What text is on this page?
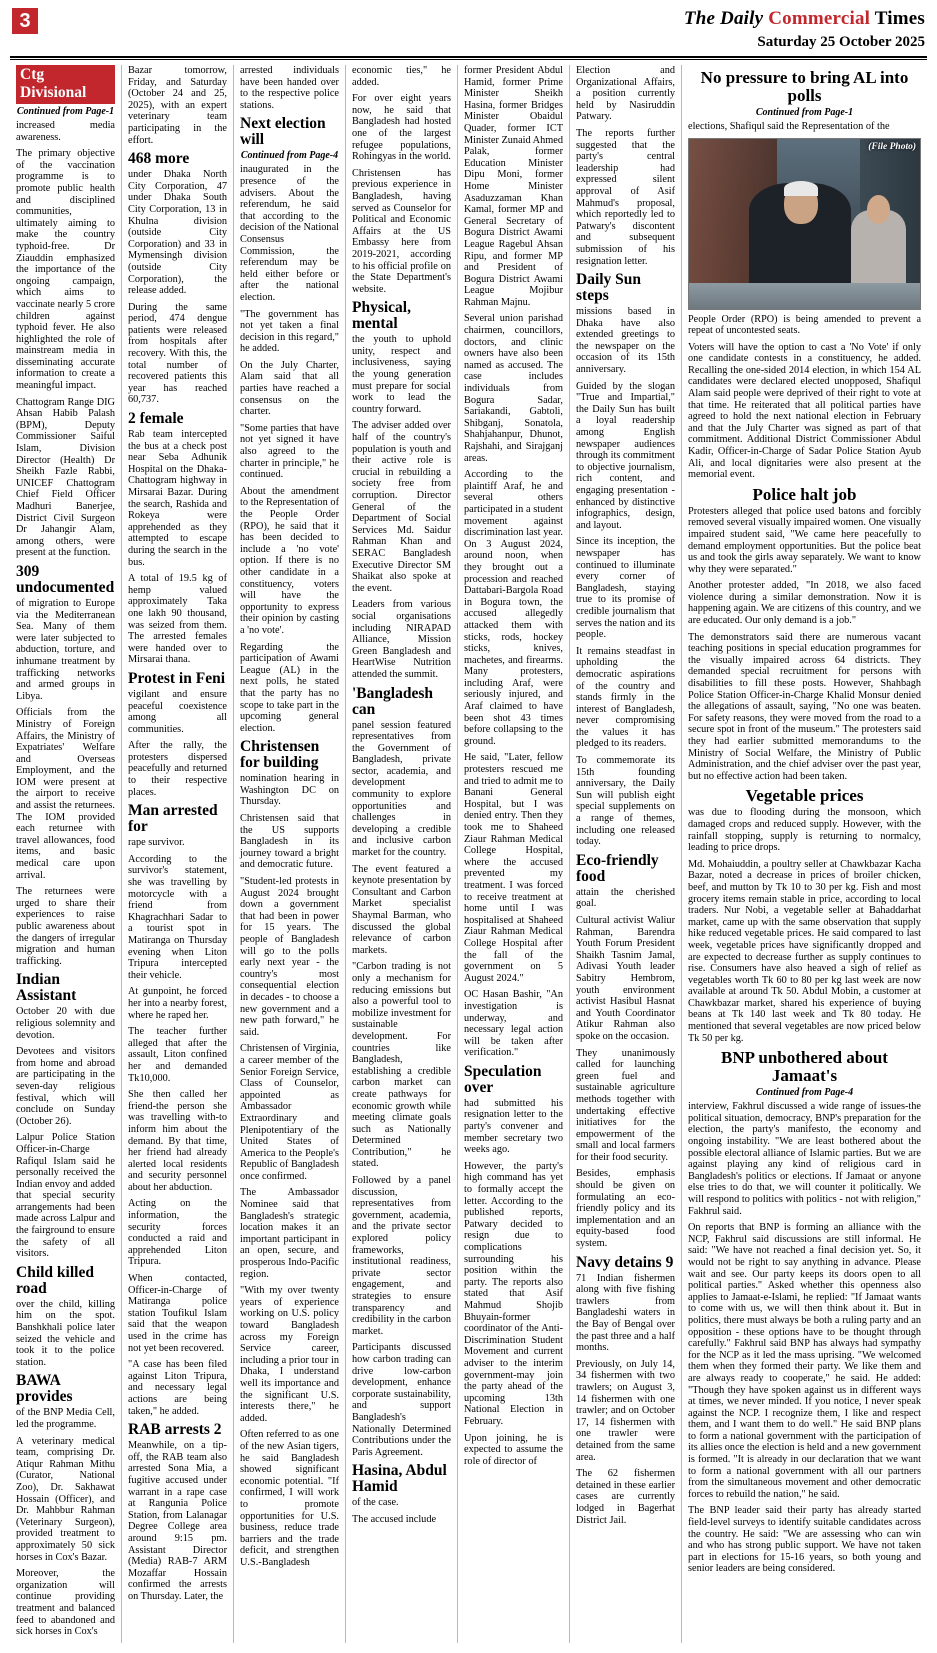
3	The Daily Commercial Times
Saturday 25 October 2025
Ctg Divisional
Continued from Page-1

increased media awareness.

The primary objective of the vaccination programme is to promote public health and disciplined communities, ultimately aiming to make the country typhoid-free. Dr Ziauddin emphasized the importance of the ongoing campaign, which aims to vaccinate nearly 5 crore children against typhoid fever. He also highlighted the role of mainstream media in disseminating accurate information to create a meaningful impact.

Chattogram Range DIG Ahsan Habib Palash (BPM), Deputy Commissioner Saiful Islam, Division Director (Health) Dr Sheikh Fazle Rabbi, UNICEF Chattogram Chief Field Officer Madhuri Banerjee, District Civil Surgeon Dr Jahangir Alam, among others, were present at the function.

309 undocumented

of migration to Europe via the Mediterranean Sea. Many of them were later subjected to abduction, torture, and inhumane treatment by trafficking networks and armed groups in Libya.

Officials from the Ministry of Foreign Affairs, the Ministry of Expatriates' Welfare and Overseas Employment, and the IOM were present at the airport to receive and assist the returnees. The IOM provided each returnee with travel allowances, food items, and basic medical care upon arrival.

The returnees were urged to share their experiences to raise public awareness about the dangers of irregular migration and human trafficking.

Indian Assistant

October 20 with due religious solemnity and devotion.

Devotees and visitors from home and abroad are participating in the seven-day religious festival, which will conclude on Sunday (October 26).

Lalpur Police Station Officer-in-Charge Rafiqul Islam said he personally received the Indian envoy and added that special security arrangements had been made across Lalpur and the fairground to ensure the safety of all visitors.

Child killed road

over the child, killing him on the spot. Banshkhali police later seized the vehicle and took it to the police station.

BAWA provides

of the BNP Media Cell, led the programme.

A veterinary medical team, comprising Dr. Atiqur Rahman Mithu (Curator, National Zoo), Dr. Sakhawat Hossain (Officer), and Dr. Mahbbur Rahman (Veterinary Surgeon), provided treatment to approximately 50 sick horses in Cox's Bazar.

Moreover, the organization will continue providing treatment and balanced feed to abandoned and sick horses in Cox's

Bazar tomorrow, Friday, and Saturday (October 24 and 25, 2025), with an expert veterinary team participating in the effort.

468 more

under Dhaka North City Corporation, 47 under Dhaka South City Corporation, 13 in Khulna division (outside City Corporation) and 33 in Mymensingh division (outside City Corporation), the release added.

During the same period, 474 dengue patients were released from hospitals after recovery. With this, the total number of recovered patients this year has reached 60,737.

2 female

Rab team intercepted the bus at a check post near Seba Adhunik Hospital on the Dhaka-Chattogram highway in Mirsarai Bazar. During the search, Rashida and Rokeya were apprehended as they attempted to escape during the search in the bus.

A total of 19.5 kg of hemp valued approximately Taka one lakh 90 thousand, was seized from them. The arrested females were handed over to Mirsarai thana.

Protest in Feni

vigilant and ensure peaceful coexistence among all communities.

After the rally, the protesters dispersed peacefully and returned to their respective places.

Man arrested for

rape survivor.

According to the survivor's statement, she was travelling by motorcycle with a friend from Khagrachhari Sadar to a tourist spot in Matiranga on Thursday evening when Liton Tripura intercepted their vehicle.

At gunpoint, he forced her into a nearby forest, where he raped her.

The teacher further alleged that after the assault, Liton confined her and demanded Tk10,000.

She then called her friend-the person she was travelling with-to inform him about the demand. By that time, her friend had already alerted local residents and security personnel about her abduction.

Acting on the information, the security forces conducted a raid and apprehended Liton Tripura.

When contacted, Officer-in-Charge of Matiranga police station Toufikul Islam said that the weapon used in the crime has not yet been recovered.

"A case has been filed against Liton Tripura, and necessary legal actions are being taken," he added.

RAB arrests 2

Meanwhile, on a tip-off, the RAB team also arrested Sona Mia, a fugitive accused under warrant in a rape case at Rangunia Police Station, from Lalanagar Degree College area around 9:15 pm. Assistant Director (Media) RAB-7 ARM Mozaffar Hossain confirmed the arrests on Thursday. Later, the

arrested individuals have been handed over to the respective police stations.

Next election will
Continued from Page-4

inaugurated in the presence of the advisers. About the referendum, he said that according to the decision of the National Consensus Commission, the referendum may be held either before or after the national election.

"The government has not yet taken a final decision in this regard," he added.

On the July Charter, Alam said that all parties have reached a consensus on the charter.

"Some parties that have not yet signed it have also agreed to the charter in principle," he continued.

About the amendment to the Representation of the People Order (RPO), he said that it has been decided to include a 'no vote' option. If there is no other candidate in a constituency, voters will have the opportunity to express their opinion by casting a 'no vote'.

Regarding the participation of Awami League (AL) in the next polls, he stated that the party has no scope to take part in the upcoming general election.

Christensen for building

nomination hearing in Washington DC on Thursday.

Christensen said that the US supports Bangladesh in its journey toward a bright and democratic future.

"Student-led protests in August 2024 brought down a government that had been in power for 15 years. The people of Bangladesh will go to the polls early next year - the country's most consequential election in decades - to choose a new government and a new path forward," he said.

Christensen of Virginia, a career member of the Senior Foreign Service, Class of Counselor, appointed as Ambassador Extraordinary and Plenipotentiary of the United States of America to the People's Republic of Bangladesh once confirmed.

The Ambassador Nominee said that Bangladesh's strategic location makes it an important participant in an open, secure, and prosperous Indo-Pacific region.

"With my over twenty years of experience working on U.S. policy toward Bangladesh across my Foreign Service career, including a prior tour in Dhaka, I understand well its importance and the significant U.S. interests there," he added.

Often referred to as one of the new Asian tigers, he said Bangladesh showed significant economic potential. "If confirmed, I will work to promote opportunities for U.S. business, reduce trade barriers and the trade deficit, and strengthen U.S.-Bangladesh

economic ties," he added.

For over eight years now, he said that Bangladesh had hosted one of the largest refugee populations, Rohingyas in the world.

Christensen has previous experience in Bangladesh, having served as Counselor for Political and Economic Affairs at the US Embassy here from 2019-2021, according to his official profile on the State Department's website.

Physical, mental

the youth to uphold unity, respect and inclusiveness, saying the young generation must prepare for social work to lead the country forward.

The adviser added over half of the country's population is youth and their active role is crucial in rebuilding a society free from corruption. Director General of the Department of Social Services Md. Saidur Rahman Khan and SERAC Bangladesh Executive Director SM Shaikat also spoke at the event.

Leaders from various social organisations including NIRAPAD Alliance, Mission Green Bangladesh and HeartWise Nutrition attended the summit.

'Bangladesh can

panel session featured representatives from the Government of Bangladesh, private sector, academia, and development community to explore opportunities and challenges in developing a credible and inclusive carbon market for the country.

The event featured a keynote presentation by Consultant and Carbon Market specialist Shaymal Barman, who discussed the global relevance of carbon markets.

"Carbon trading is not only a mechanism for reducing emissions but also a powerful tool to mobilize investment for sustainable development. For countries like Bangladesh, establishing a credible carbon market can create pathways for economic growth while meeting climate goals such as Nationally Determined Contribution," he stated.

Followed by a panel discussion, representatives from government, academia, and the private sector explored policy frameworks, institutional readiness, private sector engagement, and strategies to ensure transparency and credibility in the carbon market.

Participants discussed how carbon trading can drive low-carbon development, enhance corporate sustainability, and support Bangladesh's Nationally Determined Contributions under the Paris Agreement.

Hasina, Abdul Hamid

of the case.

The accused include

former President Abdul Hamid, former Prime Minister Sheikh Hasina, former Bridges Minister Obaidul Quader, former ICT Minister Zunaid Ahmed Palak, former Education Minister Dipu Moni, former Home Minister Asaduzzaman Khan Kamal, former MP and General Secretary of Bogura District Awami League Ragebul Ahsan Ripu, and former MP and President of Bogura District Awami League Mojibur Rahman Majnu.

Several union parishad chairmen, councillors, doctors, and clinic owners have also been named as accused. The case includes individuals from Bogura Sadar, Sariakandi, Gabtoli, Shibganj, Sonatola, Shahjahanpur, Dhunot, Rajshahi, and Sirajganj areas.

According to the plaintiff Araf, he and several others participated in a student movement against discrimination last year. On 3 August 2024, around noon, when they brought out a procession and reached Dattabari-Bargola Road in Bogura town, the accused allegedly attacked them with sticks, rods, hockey sticks, knives, machetes, and firearms. Many protesters, including Araf, were seriously injured, and Araf claimed to have been shot 43 times before collapsing to the ground.

He said, "Later, fellow protesters rescued me and tried to admit me to Banani General Hospital, but I was denied entry. Then they took me to Shaheed Ziaur Rahman Medical College Hospital, where the accused prevented my treatment. I was forced to receive treatment at home until I was hospitalised at Shaheed Ziaur Rahman Medical College Hospital after the fall of the government on 5 August 2024."

OC Hasan Bashir, "An investigation is underway, and necessary legal action will be taken after verification."

Speculation over

had submitted his resignation letter to the party's convener and member secretary two weeks ago.

However, the party's high command has yet to formally accept the letter. According to the published reports, Patwary decided to resign due to complications surrounding his position within the party. The reports also stated that Asif Mahmud Shojib Bhuyain-former coordinator of the Anti-Discrimination Student Movement and current adviser to the interim government-may join the party ahead of the upcoming 13th National Election in February.

Upon joining, he is expected to assume the role of director of

Election and Organizational Affairs, a position currently held by Nasiruddin Patwary.

The reports further suggested that the party's central leadership had expressed silent approval of Asif Mahmud's proposal, which reportedly led to Patwary's discontent and subsequent submission of his resignation letter.

Daily Sun steps

missions based in Dhaka have also extended greetings to the newspaper on the occasion of its 15th anniversary.

Guided by the slogan "True and Impartial," the Daily Sun has built a loyal readership among English newspaper audiences through its commitment to objective journalism, rich content, and engaging presentation - enhanced by distinctive infographics, design, and layout.

Since its inception, the newspaper has continued to illuminate every corner of Bangladesh, staying true to its promise of credible journalism that serves the nation and its people.

It remains steadfast in upholding the democratic aspirations of the country and stands firmly in the interest of Bangladesh, never compromising the values it has pledged to its readers.

To commemorate its 15th founding anniversary, the Daily Sun will publish eight special supplements on a range of themes, including one released today.

Eco-friendly food

attain the cherished goal.

Cultural activist Waliur Rahman, Barendra Youth Forum President Shaikh Tasnim Jamal, Adivasi Youth leader Sabitry Hembrom, youth environment activist Hasibul Hasnat and Youth Coordinator Atikur Rahman also spoke on the occasion.

They unanimously called for launching green fuel and sustainable agriculture methods together with undertaking effective initiatives for the empowerment of the small and local farmers for their food security.

Besides, emphasis should be given on formulating an eco-friendly policy and its implementation and an equity-based food system.

Navy detains 9

71 Indian fishermen along with five fishing trawlers from Bangladeshi waters in the Bay of Bengal over the past three and a half months.

Previously, on July 14, 34 fishermen with two trawlers; on August 3, 14 fishermen with one trawler; and on October 17, 14 fishermen with one trawler were detained from the same area.

The 62 fishermen detained in these earlier cases are currently lodged in Bagerhat District Jail.

No pressure to bring AL into polls
Continued from Page-1

elections, Shafiqul said the Representation of the

(File Photo)

People Order (RPO) is being amended to prevent a repeat of uncontested seats.

Voters will have the option to cast a 'No Vote' if only one candidate contests in a constituency, he added. Recalling the one-sided 2014 election, in which 154 AL candidates were declared elected unopposed, Shafiqul Alam said people were deprived of their right to vote at that time. He reiterated that all political parties have agreed to hold the next national election in February and that the July Charter was signed as part of that commitment. Additional District Commissioner Abdul Kadir, Officer-in-Charge of Sadar Police Station Ayub Ali, and local dignitaries were also present at the memorial event.

Police halt job

Protesters alleged that police used batons and forcibly removed several visually impaired women. One visually impaired student said, "We came here peacefully to demand employment opportunities. But the police beat us and took the girls away separately. We want to know why they were separated."

Another protester added, "In 2018, we also faced violence during a similar demonstration. Now it is happening again. We are citizens of this country, and we are educated. Our only demand is a job."

The demonstrators said there are numerous vacant teaching positions in special education programmes for the visually impaired across 64 districts. They demanded special recruitment for persons with disabilities to fill these posts. However, Shahbagh Police Station Officer-in-Charge Khalid Monsur denied the allegations of assault, saying, "No one was beaten. For safety reasons, they were moved from the road to a secure spot in front of the museum." The protesters said they had earlier submitted memorandums to the Ministry of Social Welfare, the Ministry of Public Administration, and the chief adviser over the past year, but no effective action had been taken.

Vegetable prices

was due to flooding during the monsoon, which damaged crops and reduced supply. However, with the rainfall stopping, supply is returning to normalcy, leading to price drops.

Md. Mohaiuddin, a poultry seller at Chawkbazar Kacha Bazar, noted a decrease in prices of broiler chicken, beef, and mutton by Tk 10 to 30 per kg. Fish and most grocery items remain stable in price, according to local traders. Nur Nobi, a vegetable seller at Bahaddarhat market, came up with the same observation that supply hike reduced vegetable prices. He said compared to last week, vegetable prices have significantly dropped and are expected to decrease further as supply continues to rise. Consumers have also heaved a sigh of relief as vegetables worth Tk 60 to 80 per kg last week are now available at around Tk 50. Abdul Mobin, a customer at Chawkbazar market, shared his experience of buying beans at Tk 140 last week and Tk 80 today. He mentioned that several vegetables are now priced below Tk 50 per kg.

BNP unbothered about Jamaat's
Continued from Page-4

interview, Fakhrul discussed a wide range of issues-the political situation, democracy, BNP's preparation for the election, the party's manifesto, the economy and ongoing instability. "We are least bothered about the possible electoral alliance of Islamic parties. But we are against playing any kind of religious card in Bangladesh's politics or elections. If Jamaat or anyone else tries to do that, we will counter it politically. We will respond to politics with politics - not with religion," Fakhrul said.

On reports that BNP is forming an alliance with the NCP, Fakhrul said discussions are still informal. He said: "We have not reached a final decision yet. So, it would not be right to say anything in advance. Please wait and see. Our party keeps its doors open to all political parties." Asked whether this openness also applies to Jamaat-e-Islami, he replied: "If Jamaat wants to come with us, we will then think about it. But in politics, there must always be both a ruling party and an opposition - these options have to be thought through carefully." Fakhrul said BNP has always had sympathy for the NCP as it led the mass uprising. "We welcomed them when they formed their party. We like them and are always ready to cooperate," he said. He added: "Though they have spoken against us in different ways at times, we never minded. If you notice, I never speak against the NCP. I recognize them, I like and respect them, and I want them to do well." He said BNP plans to form a national government with the participation of its allies once the election is held and a new government is formed. "It is already in our declaration that we want to form a national government with all our partners from the simultaneous movement and other democratic forces to rebuild the nation," he said.

The BNP leader said their party has already started field-level surveys to identify suitable candidates across the country. He said: "We are assessing who can win and who has strong public support. We have not taken part in elections for 15-16 years, so both young and senior leaders are being considered.
